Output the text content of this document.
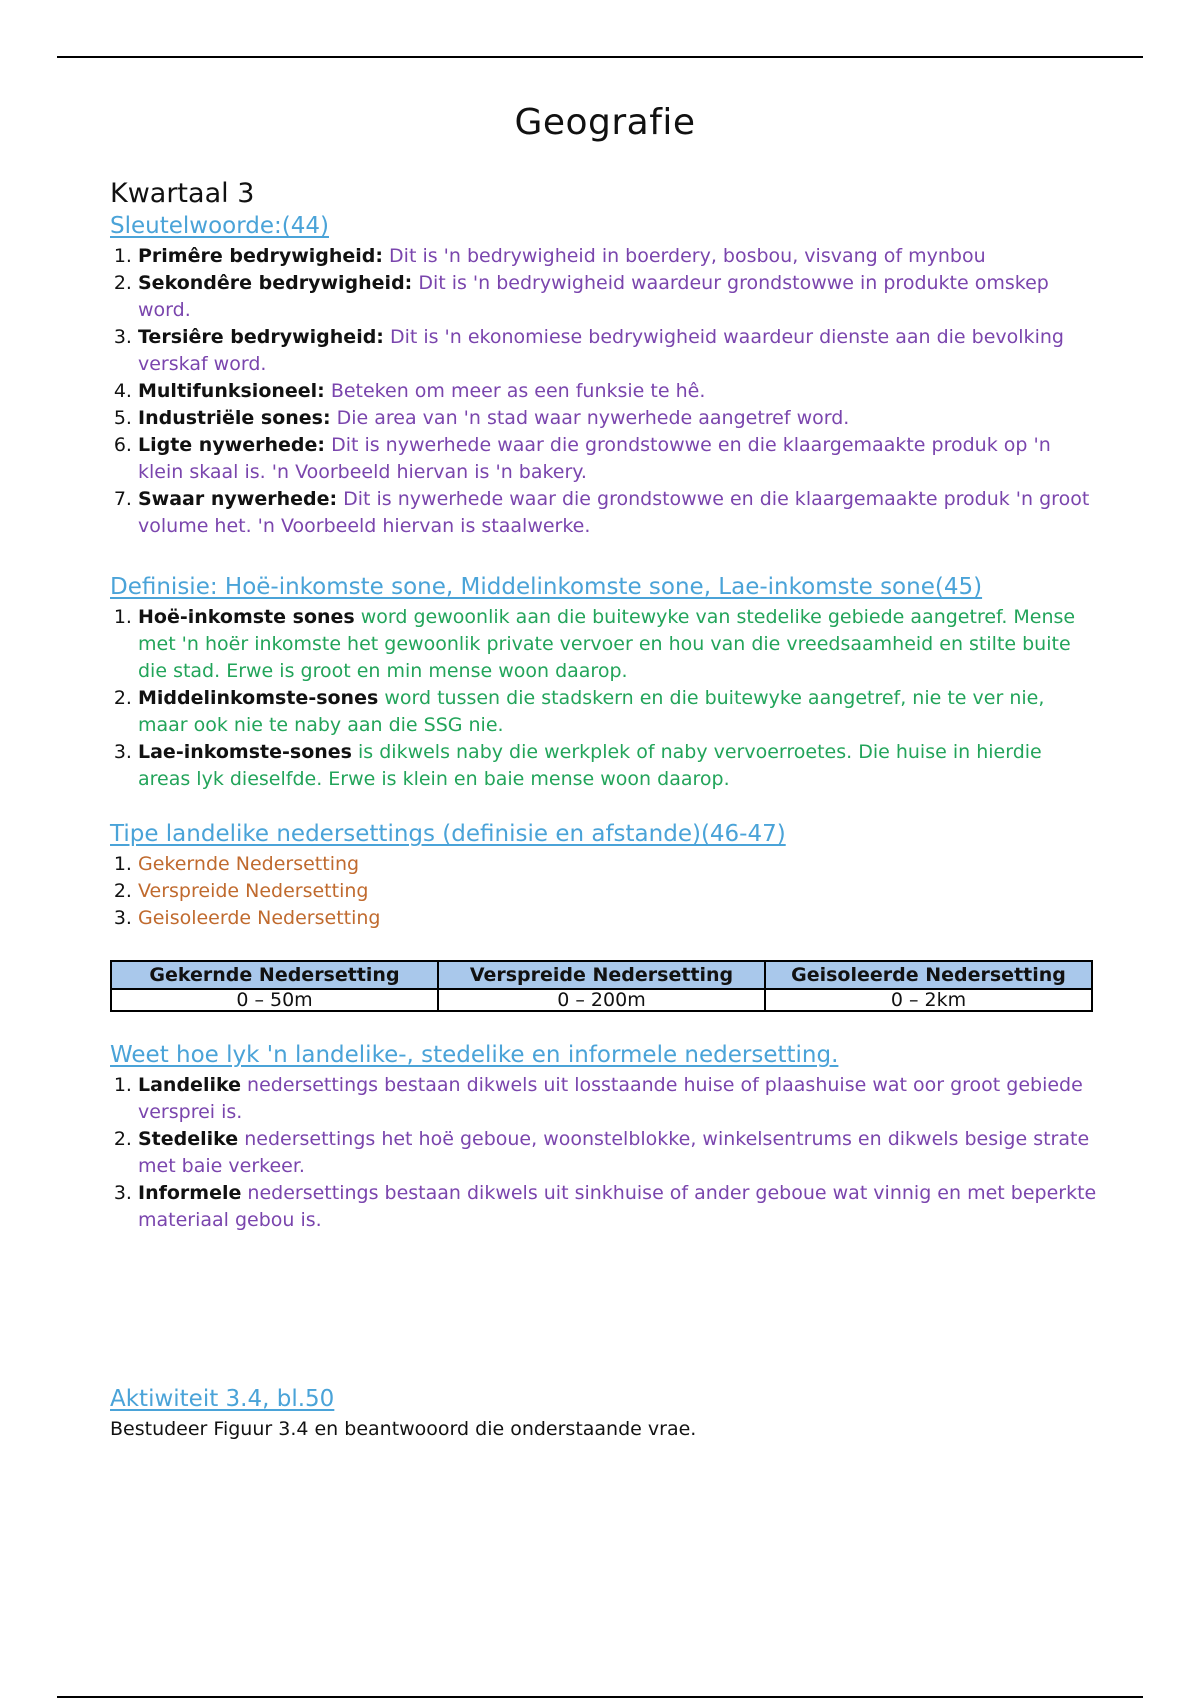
Geografie
Kwartaal 3
Sleutelwoorde:(44)
1. Primêre bedrywigheid: Dit is 'n bedrywigheid in boerdery, bosbou, visvang of mynbou
2. Sekondêre bedrywigheid: Dit is 'n bedrywigheid waardeur grondstowwe in produkte omskep word.
3. Tersiêre bedrywigheid: Dit is 'n ekonomiese bedrywigheid waardeur dienste aan die bevolking verskaf word.
4. Multifunksioneel: Beteken om meer as een funksie te hê.
5. Industriële sones: Die area van 'n stad waar nywerhede aangetref word.
6. Ligte nywerhede: Dit is nywerhede waar die grondstowwe en die klaargemaakte produk op 'n klein skaal is. 'n Voorbeeld hiervan is 'n bakery.
7. Swaar nywerhede: Dit is nywerhede waar die grondstowwe en die klaargemaakte produk 'n groot volume het. 'n Voorbeeld hiervan is staalwerke.
Definisie: Hoë-inkomste sone, Middelinkomste sone, Lae-inkomste sone(45)
1. Hoë-inkomste sones word gewoonlik aan die buitewyke van stedelike gebiede aangetref. Mense met 'n hoër inkomste het gewoonlik private vervoer en hou van die vreedsaamheid en stilte buite die stad. Erwe is groot en min mense woon daarop.
2. Middelinkomste-sones word tussen die stadskern en die buitewyke aangetref, nie te ver nie, maar ook nie te naby aan die SSG nie.
3. Lae-inkomste-sones is dikwels naby die werkplek of naby vervoerroetes. Die huise in hierdie areas lyk dieselfde. Erwe is klein en baie mense woon daarop.
Tipe landelike nedersettings (definisie en afstande)(46-47)
1. Gekernde Nedersetting
2. Verspreide Nedersetting
3. Geisoleerde Nedersetting
Gekernde Nedersetting	Verspreide Nedersetting	Geisoleerde Nedersetting
0 – 50m	0 – 200m	0 – 2km
Weet hoe lyk 'n landelike-, stedelike en informele nedersetting.
1. Landelike nedersettings bestaan dikwels uit losstaande huise of plaashuise wat oor groot gebiede versprei is.
2. Stedelike nedersettings het hoë geboue, woonstelblokke, winkelsentrums en dikwels besige strate met baie verkeer.
3. Informele nedersettings bestaan dikwels uit sinkhuise of ander geboue wat vinnig en met beperkte materiaal gebou is.
Aktiwiteit 3.4, bl.50

Bestudeer Figuur 3.4 en beantwooord die onderstaande vrae.
